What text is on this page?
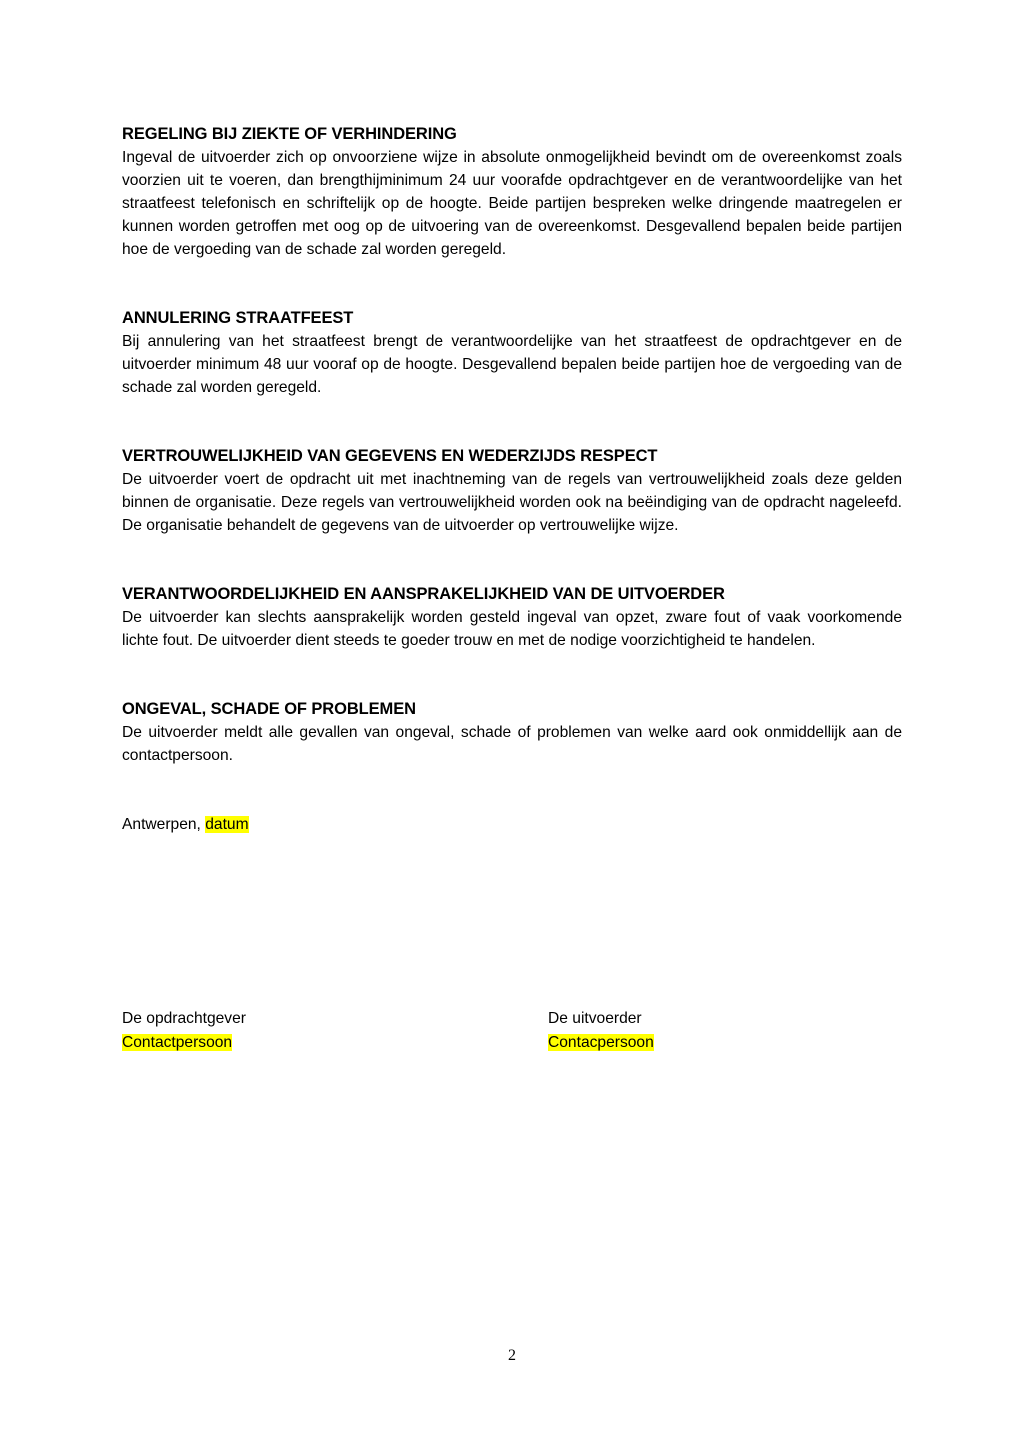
REGELING BIJ ZIEKTE OF VERHINDERING

Ingeval de uitvoerder zich op onvoorziene wijze in absolute onmogelijkheid bevindt om de overeenkomst zoals voorzien uit te voeren, dan brengthijminimum 24 uur voorafde opdrachtgever en de verantwoordelijke van het straatfeest telefonisch en schriftelijk op de hoogte. Beide partijen bespreken welke dringende maatregelen er kunnen worden getroffen met oog op de uitvoering van de overeenkomst. Desgevallend bepalen beide partijen hoe de vergoeding van de schade zal worden geregeld.

ANNULERING STRAATFEEST

Bij annulering van het straatfeest brengt de verantwoordelijke van het straatfeest de opdrachtgever en de uitvoerder minimum 48 uur vooraf op de hoogte. Desgevallend bepalen beide partijen hoe de vergoeding van de schade zal worden geregeld.

VERTROUWELIJKHEID VAN GEGEVENS EN WEDERZIJDS RESPECT

De uitvoerder voert de opdracht uit met inachtneming van de regels van vertrouwelijkheid zoals deze gelden binnen de organisatie. Deze regels van vertrouwelijkheid worden ook na beëindiging van de opdracht nageleefd. De organisatie behandelt de gegevens van de uitvoerder op vertrouwelijke wijze.

VERANTWOORDELIJKHEID EN AANSPRAKELIJKHEID VAN DE UITVOERDER

De uitvoerder kan slechts aansprakelijk worden gesteld ingeval van opzet, zware fout of vaak voorkomende lichte fout. De uitvoerder dient steeds te goeder trouw en met de nodige voorzichtigheid te handelen.

ONGEVAL, SCHADE OF PROBLEMEN

De uitvoerder meldt alle gevallen van ongeval, schade of problemen van welke aard ook onmiddellijk aan de contactpersoon.

Antwerpen, datum

De opdrachtgever
Contactpersoon
De uitvoerder
Contacpersoon
2
